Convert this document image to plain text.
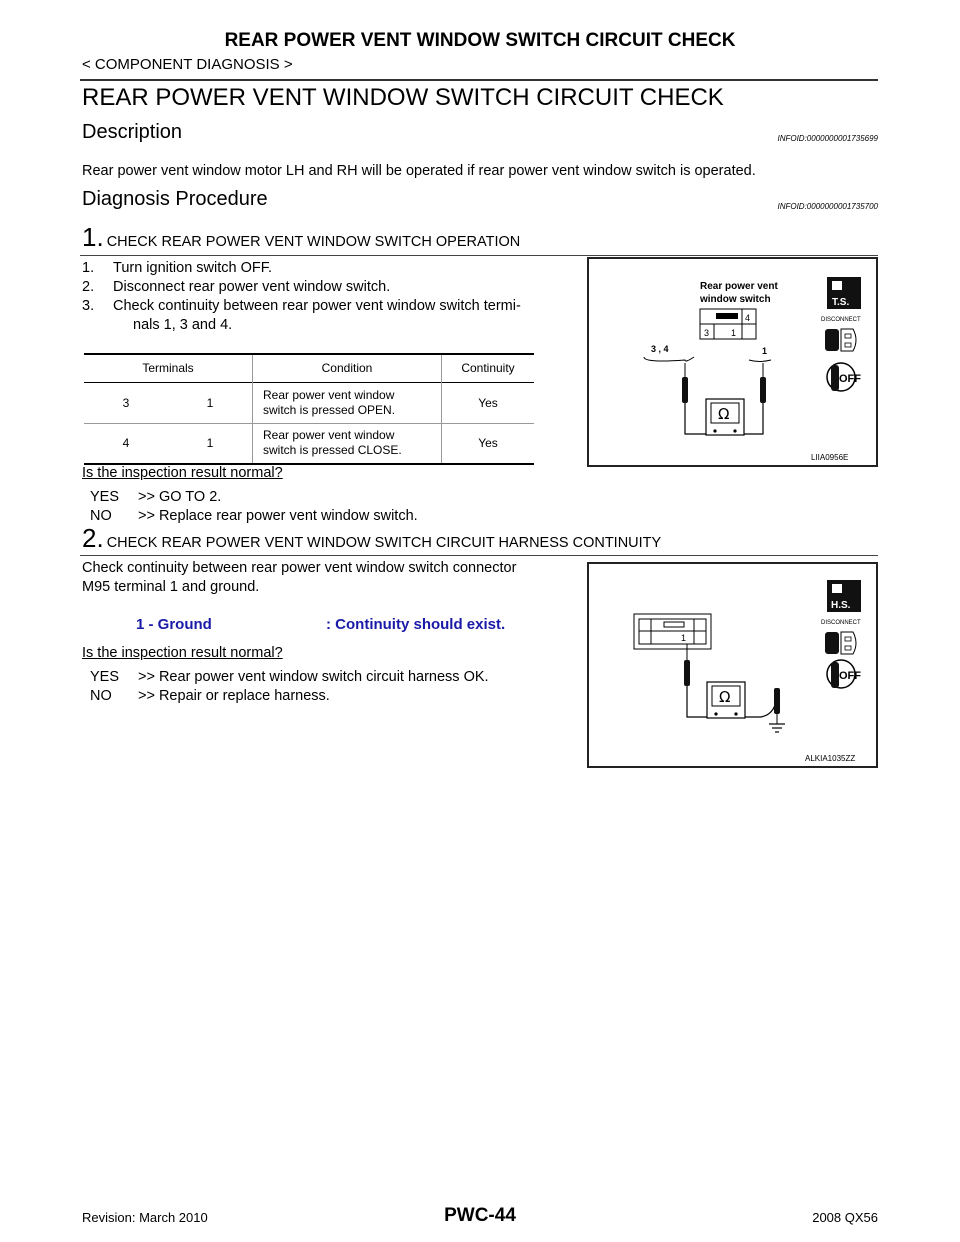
REAR POWER VENT WINDOW SWITCH CIRCUIT CHECK
< COMPONENT DIAGNOSIS >
REAR POWER VENT WINDOW SWITCH CIRCUIT CHECK
Description	INFOID:0000000001735699
Rear power vent window motor LH and RH will be operated if rear power vent window switch is operated.
Diagnosis Procedure	INFOID:0000000001735700
1. CHECK REAR POWER VENT WINDOW SWITCH OPERATION
1. Turn ignition switch OFF.
2. Disconnect rear power vent window switch.
3. Check continuity between rear power vent window switch termi-
nals 1, 3 and 4.
Terminals		Condition	Continuity
3	1	Rear power vent window
switch is pressed OPEN.	Yes
4	1	Rear power vent window
switch is pressed CLOSE.	Yes
Is the inspection result normal?
YES	>> GO TO 2.
NO	>> Replace rear power vent window switch.
Rear power vent
window switch
4
3 1
3 , 4	1
Ω
T.S.
DISCONNECT
OFF
LIIA0956E
2. CHECK REAR POWER VENT WINDOW SWITCH CIRCUIT HARNESS CONTINUITY
Check continuity between rear power vent window switch connector
M95 terminal 1 and ground.
1 - Ground	: Continuity should exist.
Is the inspection result normal?
YES	>> Rear power vent window switch circuit harness OK.
NO	>> Repair or replace harness.
1
Ω
H.S.
DISCONNECT
OFF
ALKIA1035ZZ
Revision: March 2010	PWC-44	2008 QX56
